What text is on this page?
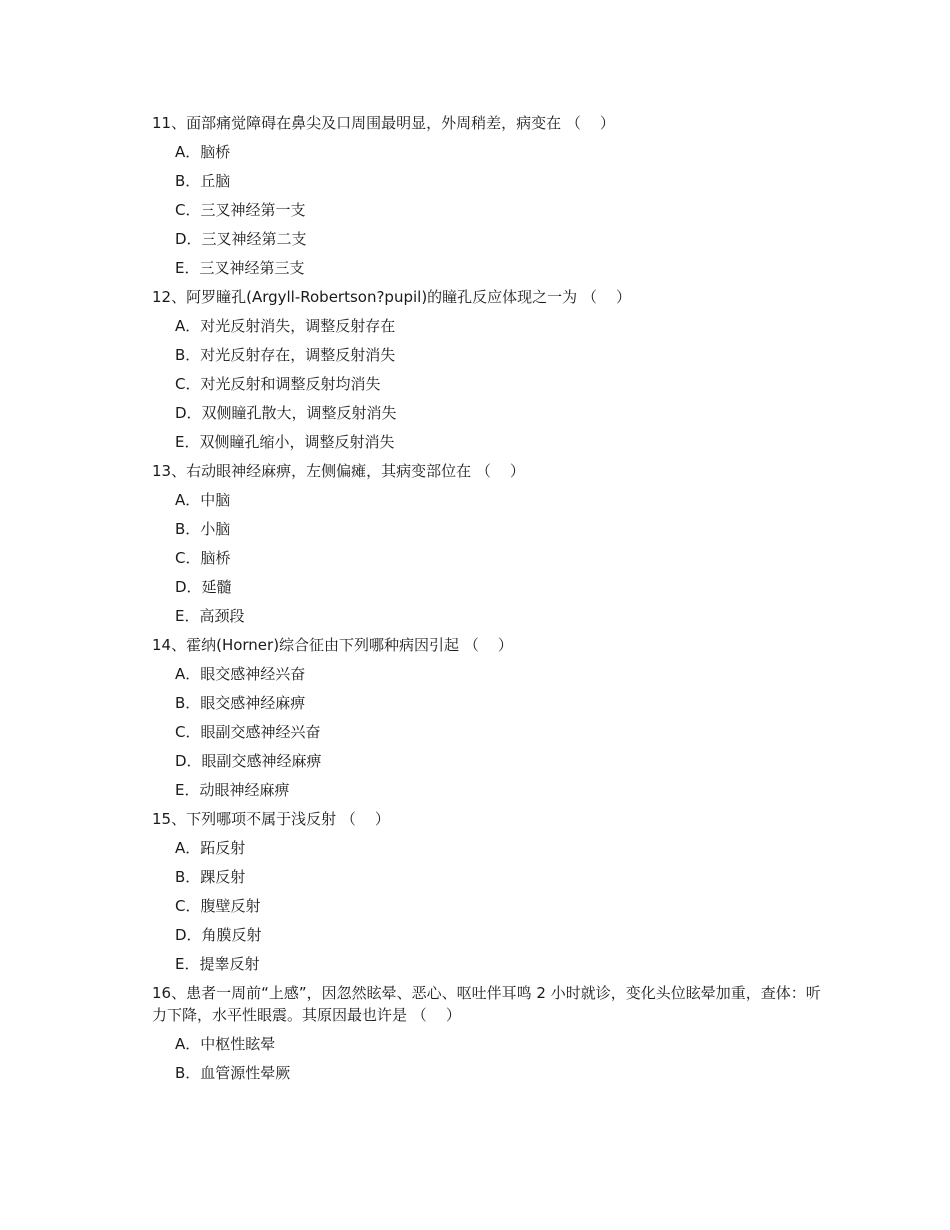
11、面部痛觉障碍在鼻尖及口周围最明显，外周稍差，病变在 （    ）
A．脑桥
B．丘脑
C．三叉神经第一支
D．三叉神经第二支
E．三叉神经第三支
12、阿罗瞳孔(Argyll-Robertson?pupil)的瞳孔反应体现之一为 （    ）
A．对光反射消失，调整反射存在
B．对光反射存在，调整反射消失
C．对光反射和调整反射均消失
D．双侧瞳孔散大，调整反射消失
E．双侧瞳孔缩小，调整反射消失
13、右动眼神经麻痹，左侧偏瘫，其病变部位在 （    ）
A．中脑
B．小脑
C．脑桥
D．延髓
E．高颈段
14、霍纳(Horner)综合征由下列哪种病因引起 （    ）
A．眼交感神经兴奋
B．眼交感神经麻痹
C．眼副交感神经兴奋
D．眼副交感神经麻痹
E．动眼神经麻痹
15、下列哪项不属于浅反射 （    ）
A．跖反射
B．踝反射
C．腹壁反射
D．角膜反射
E．提睾反射
16、患者一周前“上感”，因忽然眩晕、恶心、呕吐伴耳鸣 2 小时就诊，变化头位眩晕加重，查体：听力下降，水平性眼震。其原因最也许是 （    ）
A．中枢性眩晕
B．血管源性晕厥
